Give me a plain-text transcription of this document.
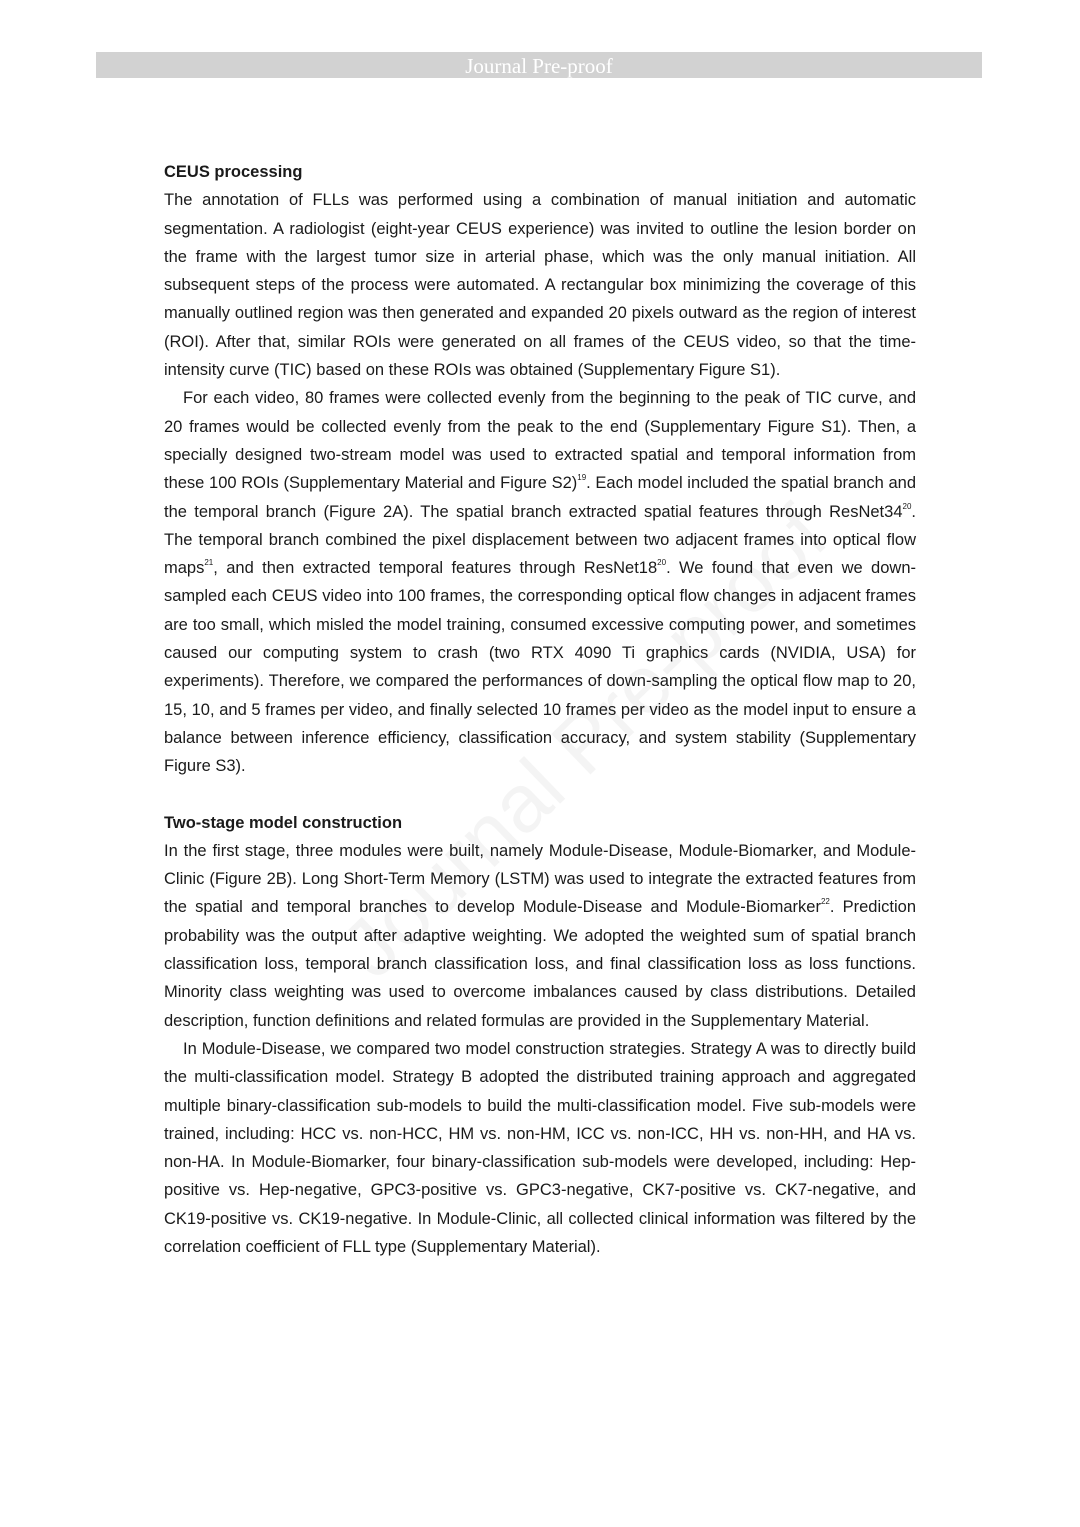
Journal Pre-proof

CEUS processing

The annotation of FLLs was performed using a combination of manual initiation and automatic segmentation. A radiologist (eight-year CEUS experience) was invited to outline the lesion border on the frame with the largest tumor size in arterial phase, which was the only manual initiation. All subsequent steps of the process were automated. A rectangular box minimizing the coverage of this manually outlined region was then generated and expanded 20 pixels outward as the region of interest (ROI). After that, similar ROIs were generated on all frames of the CEUS video, so that the time-intensity curve (TIC) based on these ROIs was obtained (Supplementary Figure S1).

For each video, 80 frames were collected evenly from the beginning to the peak of TIC curve, and 20 frames would be collected evenly from the peak to the end (Supplementary Figure S1). Then, a specially designed two-stream model was used to extracted spatial and temporal information from these 100 ROIs (Supplementary Material and Figure S2)$^{19}$. Each model included the spatial branch and the temporal branch (Figure 2A). The spatial branch extracted spatial features through $ResNet34^{20}$. The temporal branch combined the pixel displacement between two adjacent frames into optical flow maps$^{21}$, and then extracted temporal features through $ResNet18^{20}$. We found that even we down-sampled each CEUS video into 100 frames, the corresponding optical flow changes in adjacent frames are too small, which misled the model training, consumed excessive computing power, and sometimes caused our computing system to crash (two RTX 4090 Ti graphics cards (NVIDIA, USA) for experiments). Therefore, we compared the performances of down-sampling the optical flow map to 20, 15, 10, and 5 frames per video, and finally selected 10 frames per video as the model input to ensure a balance between inference efficiency, classification accuracy, and system stability (Supplementary Figure S3).

Two-stage model construction

In the first stage, three modules were built, namely Module-Disease, Module-Biomarker, and Module-Clinic (Figure 2B). Long Short-Term Memory (LSTM) was used to integrate the extracted features from the spatial and temporal branches to develop Module-Disease and Module-Biomarker$^{22}$. Prediction probability was the output after adaptive weighting. We adopted the weighted sum of spatial branch classification loss, temporal branch classification loss, and final classification loss as loss functions. Minority class weighting was used to overcome imbalances caused by class distributions. Detailed description, function definitions and related formulas are provided in the Supplementary Material.

In Module-Disease, we compared two model construction strategies. Strategy A was to directly build the multi-classification model. Strategy B adopted the distributed training approach and aggregated multiple binary-classification sub-models to build the multi-classification model. Five sub-models were trained, including: HCC vs. non-HCC, HM vs. non-HM, ICC vs. non-ICC, HH vs. non-HH, and HA vs. non-HA. In Module-Biomarker, four binary-classification sub-models were developed, including: Hep-positive vs. Hep-negative, GPC3-positive vs. GPC3-negative, CK7-positive vs. CK7-negative, and CK19-positive vs. CK19-negative. In Module-Clinic, all collected clinical information was filtered by the correlation coefficient of FLL type (Supplementary Material).
